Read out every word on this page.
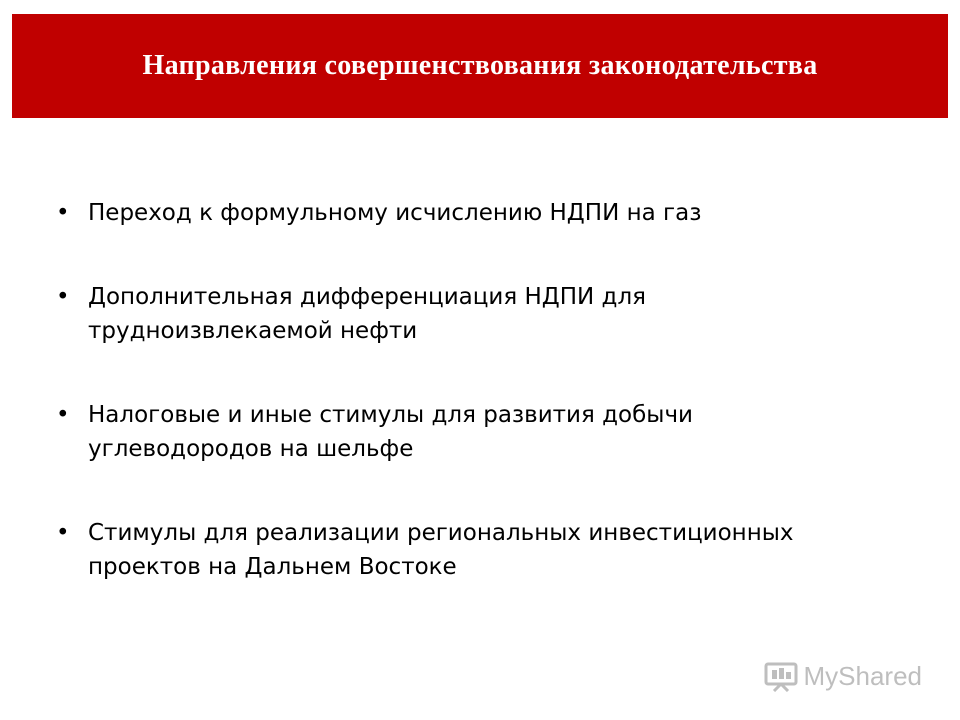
Направления совершенствования законодательства
• Переход к формульному исчислению НДПИ на газ
• Дополнительная дифференциация НДПИ для трудноизвлекаемой нефти
• Налоговые и иные стимулы для развития добычи углеводородов на шельфе
• Стимулы для реализации региональных инвестиционных проектов на Дальнем Востоке
MyShared
